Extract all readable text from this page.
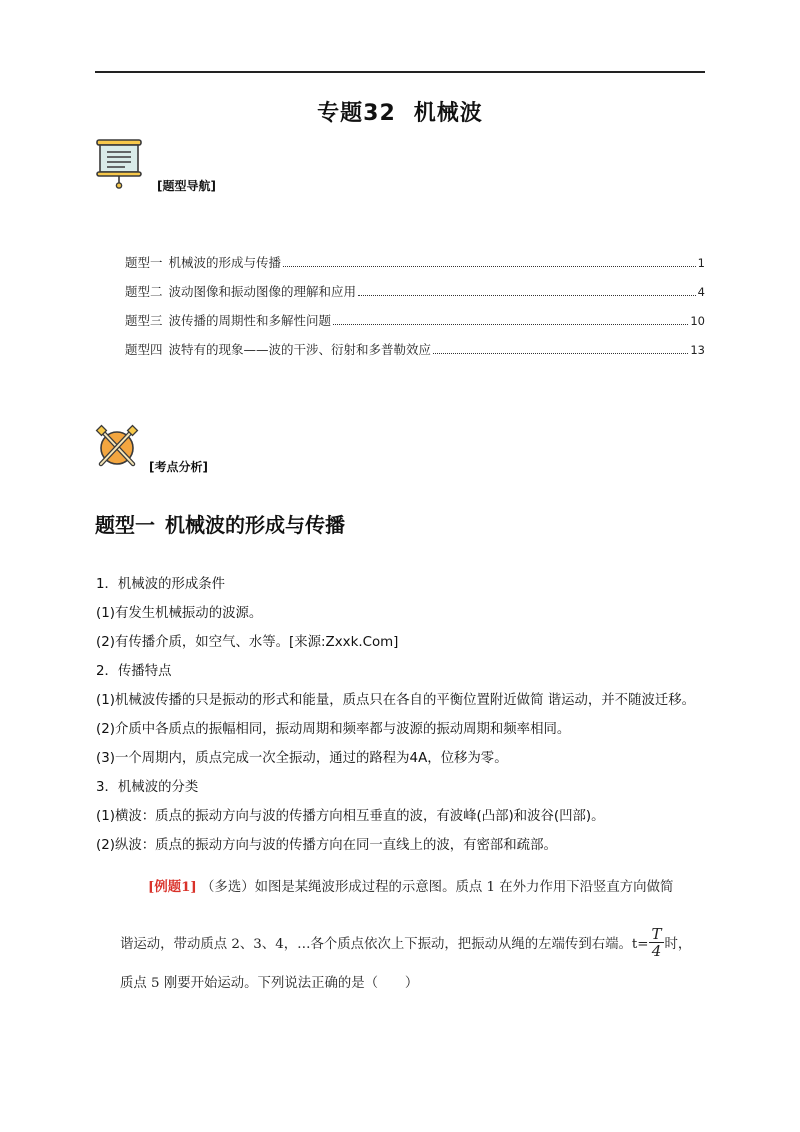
专题32 机械波
[题型导航]
题型一 机械波的形成与传播	1
题型二 波动图像和振动图像的理解和应用	4
题型三 波传播的周期性和多解性问题	10
题型四 波特有的现象——波的干涉、衍射和多普勒效应	13
[考点分析]
题型一 机械波的形成与传播

1．机械波的形成条件

(1)有发生机械振动的波源。

(2)有传播介质，如空气、水等。[来源:Zxxk.Com]

2．传播特点

(1)机械波传播的只是振动的形式和能量，质点只在各自的平衡位置附近做简 谐运动，并不随波迁移。

(2)介质中各质点的振幅相同，振动周期和频率都与波源的振动周期和频率相同。

(3)一个周期内，质点完成一次全振动，通过的路程为4A，位移为零。

3．机械波的分类

(1)横波：质点的振动方向与波的传播方向相互垂直的波，有波峰(凸部)和波谷(凹部)。

(2)纵波：质点的振动方向与波的传播方向在同一直线上的波，有密部和疏部。

[例题1] （多选）如图是某绳波形成过程的示意图。质点 1 在外力作用下沿竖直方向做简

谐运动，带动质点 2、3、4，…各个质点依次上下振动，把振动从绳的左端传到右端。$t= \frac{T}{4}$ 时，

质点 5 刚要开始运动。下列说法正确的是（　　）
